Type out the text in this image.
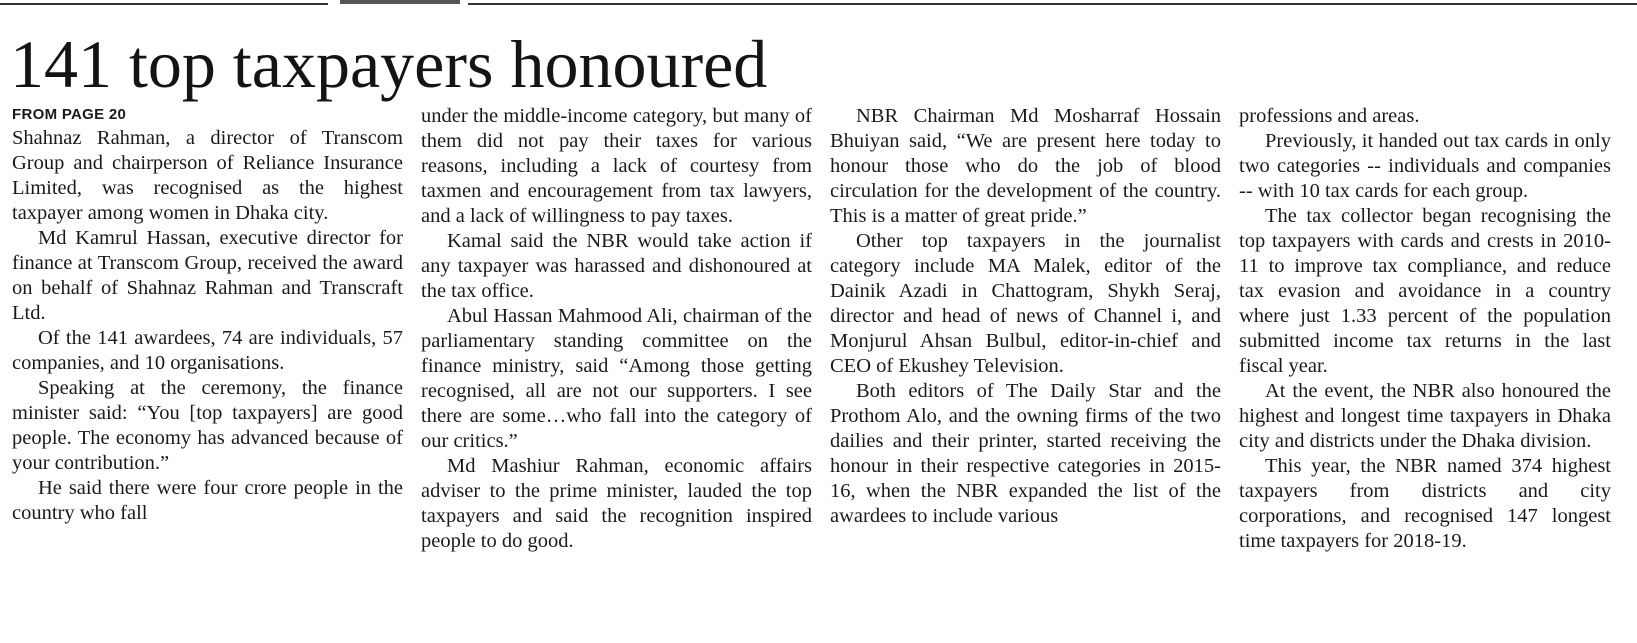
141 top taxpayers honoured
FROM PAGE 20

Shahnaz Rahman, a director of Transcom Group and chairperson of Reliance Insurance Limited, was recognised as the highest taxpayer among women in Dhaka city.

Md Kamrul Hassan, executive director for finance at Transcom Group, received the award on behalf of Shahnaz Rahman and Transcraft Ltd.

Of the 141 awardees, 74 are individuals, 57 companies, and 10 organisations.

Speaking at the ceremony, the finance minister said: “You [top taxpayers] are good people. The economy has advanced because of your contribution.”

He said there were four crore people in the country who fall

under the middle-income category, but many of them did not pay their taxes for various reasons, including a lack of courtesy from taxmen and encouragement from tax lawyers, and a lack of willingness to pay taxes.

Kamal said the NBR would take action if any taxpayer was harassed and dishonoured at the tax office.

Abul Hassan Mahmood Ali, chairman of the parliamentary standing committee on the finance ministry, said “Among those getting recognised, all are not our supporters. I see there are some…who fall into the category of our critics.”

Md Mashiur Rahman, economic affairs adviser to the prime minister, lauded the top taxpayers and said the recognition inspired people to do good.

NBR Chairman Md Mosharraf Hossain Bhuiyan said, “We are present here today to honour those who do the job of blood circulation for the development of the country. This is a matter of great pride.”

Other top taxpayers in the journalist category include MA Malek, editor of the Dainik Azadi in Chattogram, Shykh Seraj, director and head of news of Channel i, and Monjurul Ahsan Bulbul, editor-in-chief and CEO of Ekushey Television.

Both editors of The Daily Star and the Prothom Alo, and the owning firms of the two dailies and their printer, started receiving the honour in their respective categories in 2015-16, when the NBR expanded the list of the awardees to include various

professions and areas.

Previously, it handed out tax cards in only two categories -- individuals and companies -- with 10 tax cards for each group.

The tax collector began recognising the top taxpayers with cards and crests in 2010-11 to improve tax compliance, and reduce tax evasion and avoidance in a country where just 1.33 percent of the population submitted income tax returns in the last fiscal year.

At the event, the NBR also honoured the highest and longest time taxpayers in Dhaka city and districts under the Dhaka division.

This year, the NBR named 374 highest taxpayers from districts and city corporations, and recognised 147 longest time taxpayers for 2018-19.
